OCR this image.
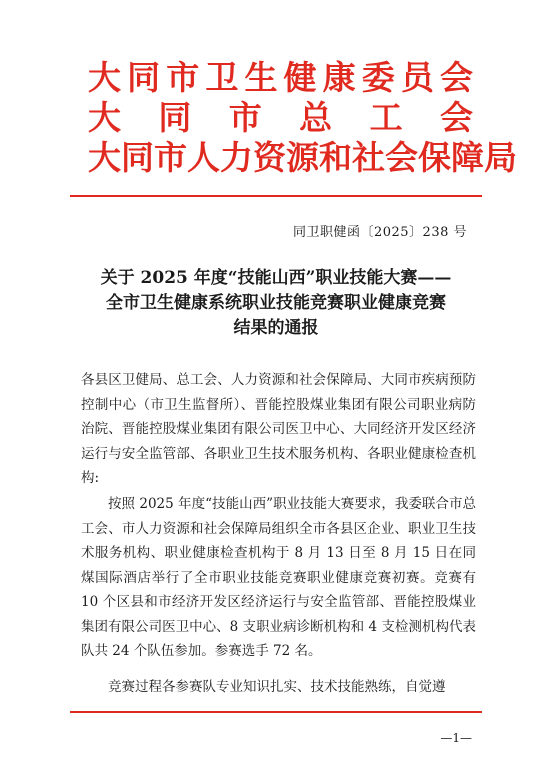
大 同 市 卫 生 健 康 委 员 会
大 同 市 总 工 会
大 同 市 人 力 资 源 和 社 会 保 障 局
同卫职健函〔2025〕238 号
关于 2025 年度“技能山西”职业技能大赛——
全市卫生健康系统职业技能竞赛职业健康竞赛
结果的通报

各县区卫健局、总工会、人力资源和社会保障局、大同市疾病预防控制中心（市卫生监督所）、晋能控股煤业集团有限公司职业病防治院、晋能控股煤业集团有限公司医卫中心、大同经济开发区经济运行与安全监管部、各职业卫生技术服务机构、各职业健康检查机构:

按照 2025 年度“技能山西”职业技能大赛要求，我委联合市总工会、市人力资源和社会保障局组织全市各县区企业、职业卫生技术服务机构、职业健康检查机构于 8 月 13 日至 8 月 15 日在同煤国际酒店举行了全市职业技能竞赛职业健康竞赛初赛。竞赛有 10 个区县和市经济开发区经济运行与安全监管部、晋能控股煤业集团有限公司医卫中心、8 支职业病诊断机构和 4 支检测机构代表队共 24 个队伍参加。参赛选手 72 名。

竞赛过程各参赛队专业知识扎实、技术技能熟练，自觉遵

—1—
